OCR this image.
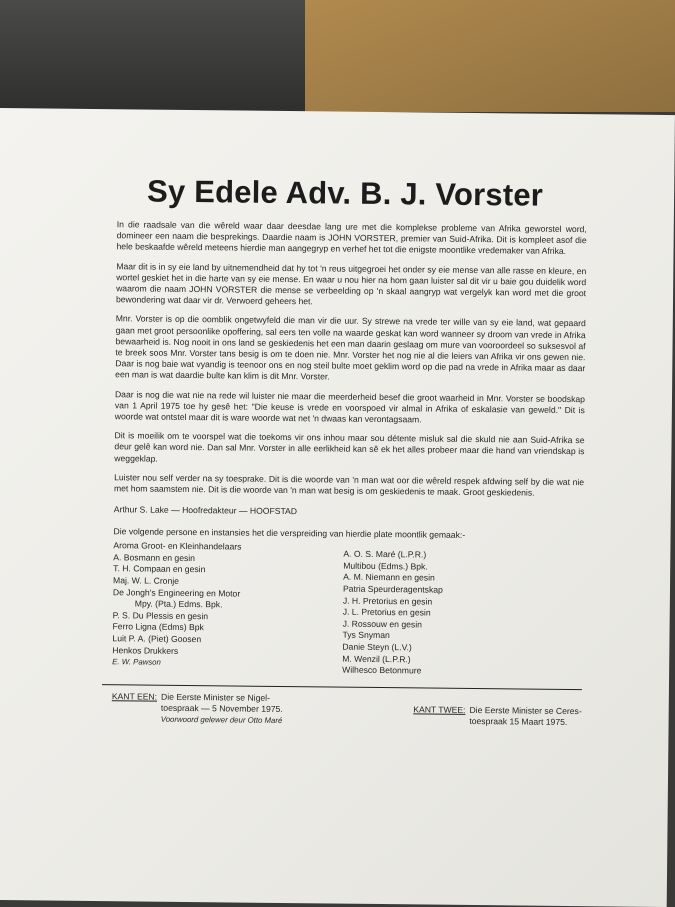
Sy Edele Adv. B. J. Vorster

In die raadsale van die wêreld waar daar deesdae lang ure met die komplekse probleme van Afrika geworstel word, domineer een naam die besprekings. Daardie naam is JOHN VORSTER, premier van Suid-Afrika. Dit is kompleet asof die hele beskaafde wêreld meteens hierdie man aangegryp en verhef het tot die enigste moontlike vredemaker van Afrika.

Maar dit is in sy eie land by uitnemendheid dat hy tot 'n reus uitgegroei het onder sy eie mense van alle rasse en kleure, en wortel geskiet het in die harte van sy eie mense. En waar u nou hier na hom gaan luister sal dit vir u baie gou duidelik word waarom die naam JOHN VORSTER die mense se verbeelding op 'n skaal aangryp wat vergelyk kan word met die groot bewondering wat daar vir dr. Verwoerd geheers het.

Mnr. Vorster is op die oomblik ongetwyfeld die man vir die uur. Sy strewe na vrede ter wille van sy eie land, wat gepaard gaan met groot persoonlike opoffering, sal eers ten volle na waarde geskat kan word wanneer sy droom van vrede in Afrika bewaarheid is. Nog nooit in ons land se geskiedenis het een man daarin geslaag om mure van vooroordeel so suksesvol af te breek soos Mnr. Vorster tans besig is om te doen nie. Mnr. Vorster het nog nie al die leiers van Afrika vir ons gewen nie. Daar is nog baie wat vyandig is teenoor ons en nog steil bulte moet geklim word op die pad na vrede in Afrika maar as daar een man is wat daardie bulte kan klim is dit Mnr. Vorster.

Daar is nog die wat nie na rede wil luister nie maar die meerderheid besef die groot waarheid in Mnr. Vorster se boodskap van 1 April 1975 toe hy gesê het: "Die keuse is vrede en voorspoed vir almal in Afrika of eskalasie van geweld." Dit is woorde wat ontstel maar dit is ware woorde wat net 'n dwaas kan verontagsaam.

Dit is moeilik om te voorspel wat die toekoms vir ons inhou maar sou détente misluk sal die skuld nie aan Suid-Afrika se deur gelê kan word nie. Dan sal Mnr. Vorster in alle eerlikheid kan sê ek het alles probeer maar die hand van vriendskap is weggeklap.

Luister nou self verder na sy toesprake. Dit is die woorde van 'n man wat oor die wêreld respek afdwing self by die wat nie met hom saamstem nie. Dit is die woorde van 'n man wat besig is om geskiedenis te maak. Groot geskiedenis.

Arthur S. Lake — Hoofredakteur — HOOFSTAD
Die volgende persone en instansies het die verspreiding van hierdie plate moontlik gemaak:-
Aroma Groot- en Kleinhandelaars
A. Bosmann en gesin
T. H. Compaan en gesin
Maj. W. L. Cronje
De Jongh's Engineering en Motor
Mpy. (Pta.) Edms. Bpk.
P. S. Du Plessis en gesin
Ferro Ligna (Edms) Bpk
Luit P. A. (Piet) Goosen
Henkos Drukkers
E. W. Pawson
A. O. S. Maré (L.P.R.)
Multibou (Edms.) Bpk.
A. M. Niemann en gesin
Patria Speurderagentskap
J. H. Pretorius en gesin
J. L. Pretorius en gesin
J. Rossouw en gesin
Tys Snyman
Danie Steyn (L.V.)
M. Wenzil (L.P.R.)
Wilhesco Betonmure
KANT EEN: Die Eerste Minister se Nigel-
toespraak — 5 November 1975.
Voorwoord gelewer deur Otto Maré
KANT TWEE: Die Eerste Minister se Ceres-
toespraak 15 Maart 1975.
